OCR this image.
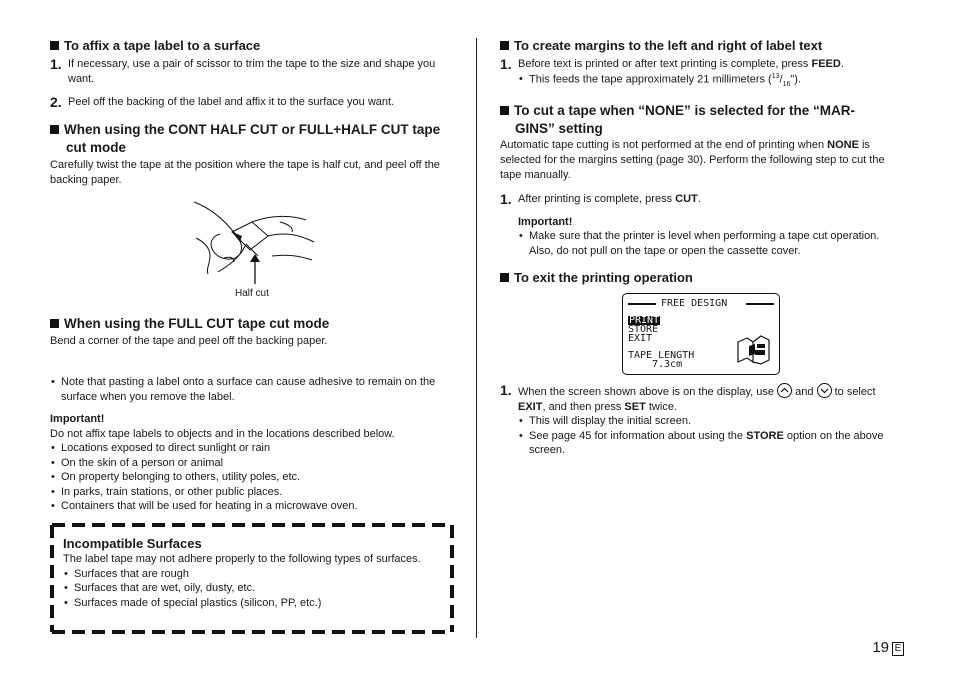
To affix a tape label to a surface
1. If necessary, use a pair of scissor to trim the tape to the size and shape you want.
2. Peel off the backing of the label and affix it to the surface you want.
When using the CONT HALF CUT or FULL+HALF CUT tape cut mode
Carefully twist the tape at the position where the tape is half cut, and peel off the backing paper.
Half cut
When using the FULL CUT tape cut mode
Bend a corner of the tape and peel off the backing paper.
• Note that pasting a label onto a surface can cause adhesive to remain on the surface when you remove the label.
Important!
Do not affix tape labels to objects and in the locations described below.
• Locations exposed to direct sunlight or rain
• On the skin of a person or animal
• On property belonging to others, utility poles, etc.
• In parks, train stations, or other public places.
• Containers that will be used for heating in a microwave oven.
Incompatible Surfaces
The label tape may not adhere properly to the following types of surfaces.
• Surfaces that are rough
• Surfaces that are wet, oily, dusty, etc.
• Surfaces made of special plastics (silicon, PP, etc.)
To create margins to the left and right of label text
1. Before text is printed or after text printing is complete, press FEED.
• This feeds the tape approximately 21 millimeters $(^{13}/_{16}")$.
To cut a tape when “NONE” is selected for the “MAR-
GINS” setting
Automatic tape cutting is not performed at the end of printing when NONE is selected for the margins setting (page 30). Perform the following step to cut the tape manually.
1. After printing is complete, press CUT.
Important!
• Make sure that the printer is level when performing a tape cut operation. Also, do not pull on the tape or open the cassette cover.
To exit the printing operation
FREE DESIGN
PRINT
STORE
EXIT
TAPE LENGTH
7.3cm
1. When the screen shown above is on the display, use
and
to select EXIT, and then press SET twice.
• This will display the initial screen.
• See page 45 for information about using the STORE option on the above screen.
19 E
